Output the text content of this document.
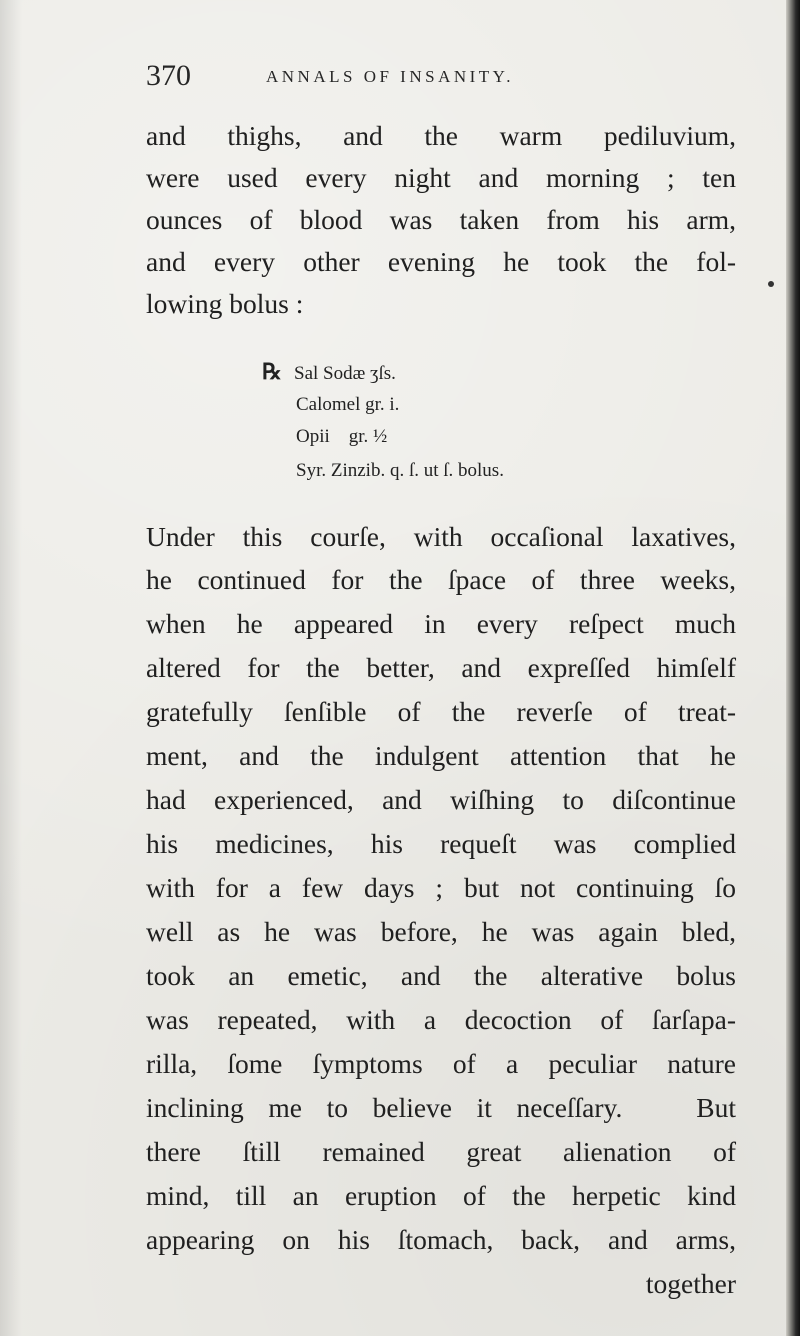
370	ANNALS OF INSANITY.
and thighs, and the warm pediluvium,
were used every night and morning ; ten
ounces of blood was taken from his arm,
and every other evening he took the fol-
lowing bolus :
℞ Sal Sodæ ʒſs.
Calomel gr. i.
Opii    gr. ½
Syr. Zinzib. q. ſ. ut ſ. bolus.
Under this courſe, with occaſional laxatives,
he continued for the ſpace of three weeks,
when he appeared in every reſpect much
altered for the better, and expreſſed himſelf
gratefully ſenſible of the reverſe of treat-
ment, and the indulgent attention that he
had experienced, and wiſhing to diſcontinue
his medicines, his requeſt was complied
with for a few days ; but not continuing ſo
well as he was before, he was again bled,
took an emetic, and the alterative bolus
was repeated, with a decoction of ſarſapa-
rilla, ſome ſymptoms of a peculiar nature
inclining me to believe it neceſſary.   But
there ſtill remained great alienation of
mind, till an eruption of the herpetic kind
appearing on his ſtomach, back, and arms,
together
